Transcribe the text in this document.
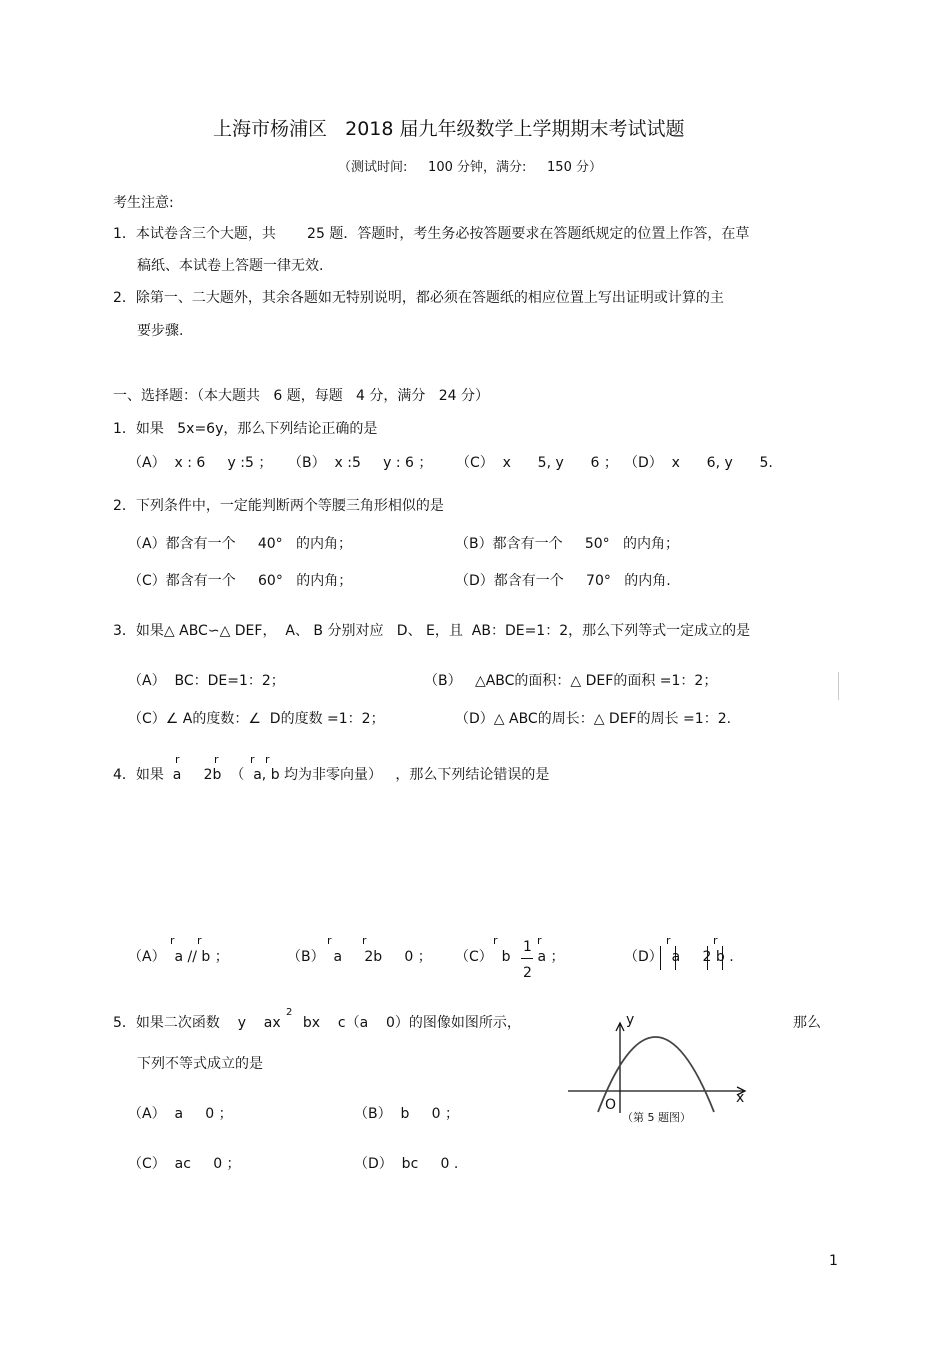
上海市杨浦区   2018 届九年级数学上学期期末考试试题
（测试时间:     100 分钟，满分:     150 分）
考生注意:
1．本试卷含三个大题，共       25 题．答题时，考生务必按答题要求在答题纸规定的位置上作答，在草
稿纸、本试卷上答题一律无效.
2．除第一、二大题外，其余各题如无特别说明，都必须在答题纸的相应位置上写出证明或计算的主
要步骤.
一、选择题：（本大题共   6 题，每题   4 分，满分   24 分）
1．如果   5x=6y，那么下列结论正确的是
（A）  x : 6     y :5 ； （B）  x :5     y : 6 ； （C）  x      5, y      6 ； （D）  x      6, y      5.
2．下列条件中，一定能判断两个等腰三角形相似的是
（A）都含有一个     40°   的内角；	（B）都含有一个     50°   的内角；
（C）都含有一个     60°   的内角；	（D）都含有一个     70°   的内角.
3．如果△ ABC∽△ DEF，  A、 B 分别对应   D、 E，且  AB：DE=1：2，那么下列等式一定成立的是
（A）  BC：DE=1：2；	（B）   △ABC的面积：△ DEF的面积 =1：2；
（C）∠ A的度数：∠  D的度数 =1：2；	（D）△ ABC的周长：△ DEF的周长 =1：2.
r	r	r r
4．如果  a     2b  （  a, b 均为非零向量）   ，那么下列结论错误的是
r r
（A）  a // b ；
r	r
（B）  a     2b     0 ；
r	r
（C）  b
1
2
a ；
r	r
（D）  a     2 b .
5．如果二次函数    y    ax     bx    c（a    0）的图像如图所示，
2
那么
下列不等式成立的是
（A）  a     0 ；	（B）  b     0 ；
（C）  ac     0 ；	（D）  bc     0 .
y
x
O
（第 5 题图）
1
